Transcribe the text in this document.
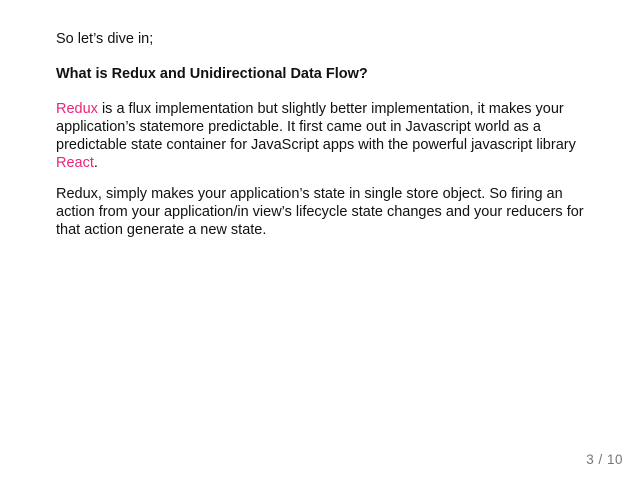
So let’s dive in;

What is Redux and Unidirectional Data Flow?

Redux is a flux implementation but slightly better implementation, it makes your application’s statemore predictable. It first came out in Javascript world as a predictable state container for JavaScript apps with the powerful javascript library React.

Redux, simply makes your application’s state in single store object. So firing an action from your application/in view’s lifecycle state changes and your reducers for that action generate a new state.

3 / 10
